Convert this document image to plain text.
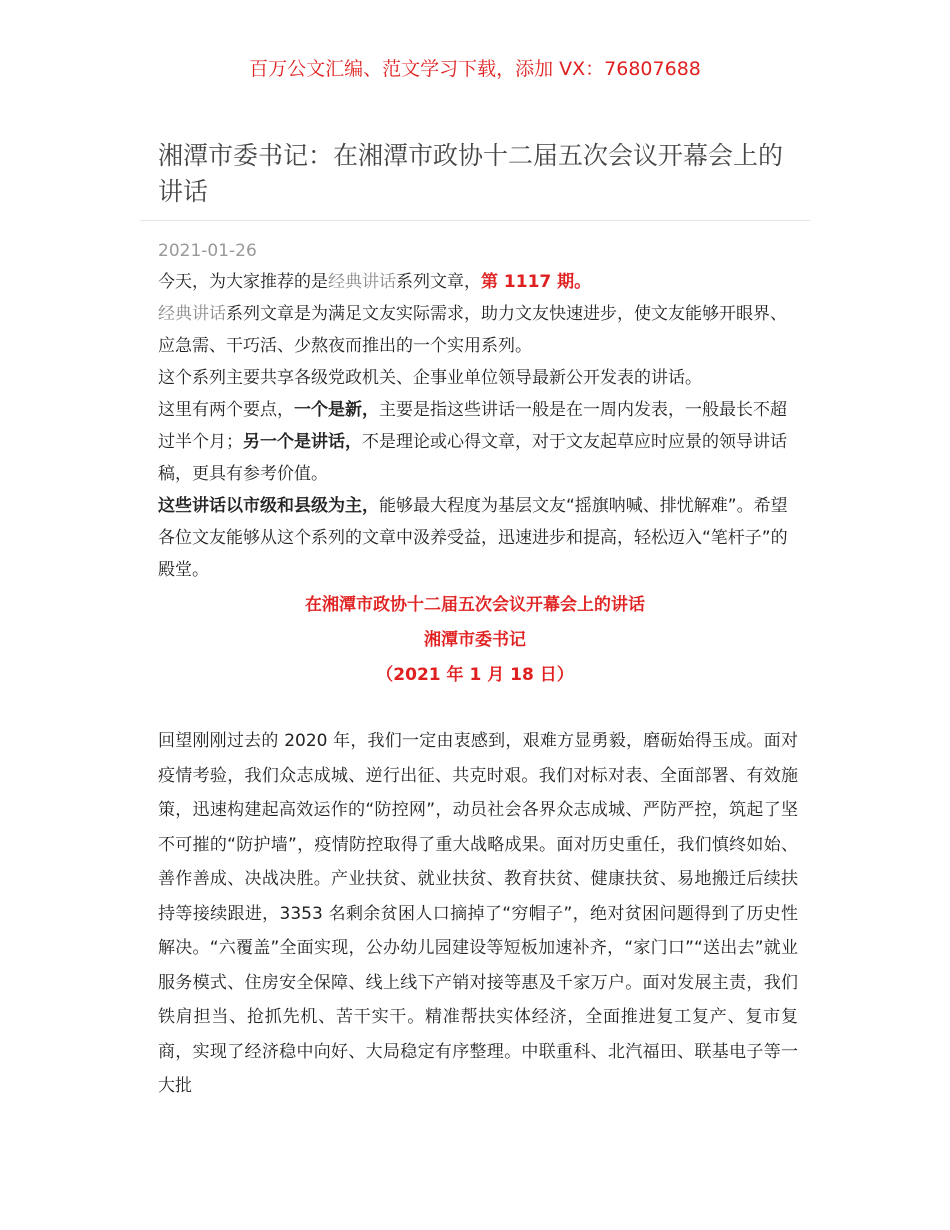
百万公文汇编、范文学习下载，添加 VX：76807688
湘潭市委书记：在湘潭市政协十二届五次会议开幕会上的讲话
2021-01-26

今天，为大家推荐的是经典讲话系列文章，第 1117 期。

经典讲话系列文章是为满足文友实际需求，助力文友快速进步，使文友能够开眼界、应急需、干巧活、少熬夜而推出的一个实用系列。

这个系列主要共享各级党政机关、企事业单位领导最新公开发表的讲话。

这里有两个要点，一个是新，主要是指这些讲话一般是在一周内发表，一般最长不超过半个月；另一个是讲话，不是理论或心得文章，对于文友起草应时应景的领导讲话稿，更具有参考价值。

这些讲话以市级和县级为主，能够最大程度为基层文友“摇旗呐喊、排忧解难”。希望各位文友能够从这个系列的文章中汲养受益，迅速进步和提高，轻松迈入“笔杆子”的殿堂。

在湘潭市政协十二届五次会议开幕会上的讲话
湘潭市委书记
（2021 年 1 月 18 日）

回望刚刚过去的 2020 年，我们一定由衷感到，艰难方显勇毅，磨砺始得玉成。面对疫情考验，我们众志成城、逆行出征、共克时艰。我们对标对表、全面部署、有效施策，迅速构建起高效运作的“防控网”，动员社会各界众志成城、严防严控，筑起了坚不可摧的“防护墙”，疫情防控取得了重大战略成果。面对历史重任，我们慎终如始、善作善成、决战决胜。产业扶贫、就业扶贫、教育扶贫、健康扶贫、易地搬迁后续扶持等接续跟进，3353 名剩余贫困人口摘掉了“穷帽子”，绝对贫困问题得到了历史性解决。“六覆盖”全面实现，公办幼儿园建设等短板加速补齐，“家门口”“送出去”就业服务模式、住房安全保障、线上线下产销对接等惠及千家万户。面对发展主责，我们铁肩担当、抢抓先机、苦干实干。精准帮扶实体经济，全面推进复工复产、复市复商，实现了经济稳中向好、大局稳定有序整理。中联重科、北汽福田、联基电子等一大批
